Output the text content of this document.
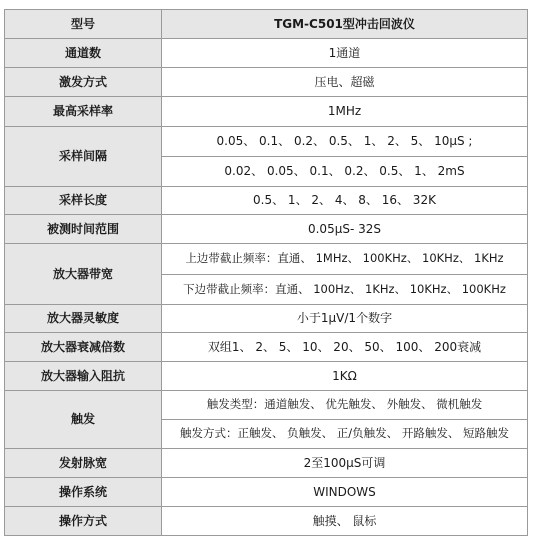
型号	TGM-C501型冲击回波仪
通道数	1通道
激发方式	压电、超磁
最高采样率	1MHz
采样间隔	0.05、 0.1、 0.2、 0.5、 1、 2、 5、 10μS ;
	0.02、 0.05、 0.1、 0.2、 0.5、 1、 2mS
采样长度	0.5、 1、 2、 4、 8、 16、 32K
被测时间范围	0.05μS- 32S
放大器带宽	上边带截止频率：直通、 1MHz、 100KHz、 10KHz、 1KHz
	下边带截止频率：直通、 100Hz、 1KHz、 10KHz、 100KHz
放大器灵敏度	小于1μV/1个数字
放大器衰减倍数	双组1、 2、 5、 10、 20、 50、 100、 200衰减
放大器输入阻抗	1KΩ
触发	触发类型：通道触发、 优先触发、 外触发、 微机触发
	触发方式：正触发、 负触发、 正/负触发、 开路触发、 短路触发
发射脉宽	2至100μS可调
操作系统	WINDOWS
操作方式	触摸、 鼠标
